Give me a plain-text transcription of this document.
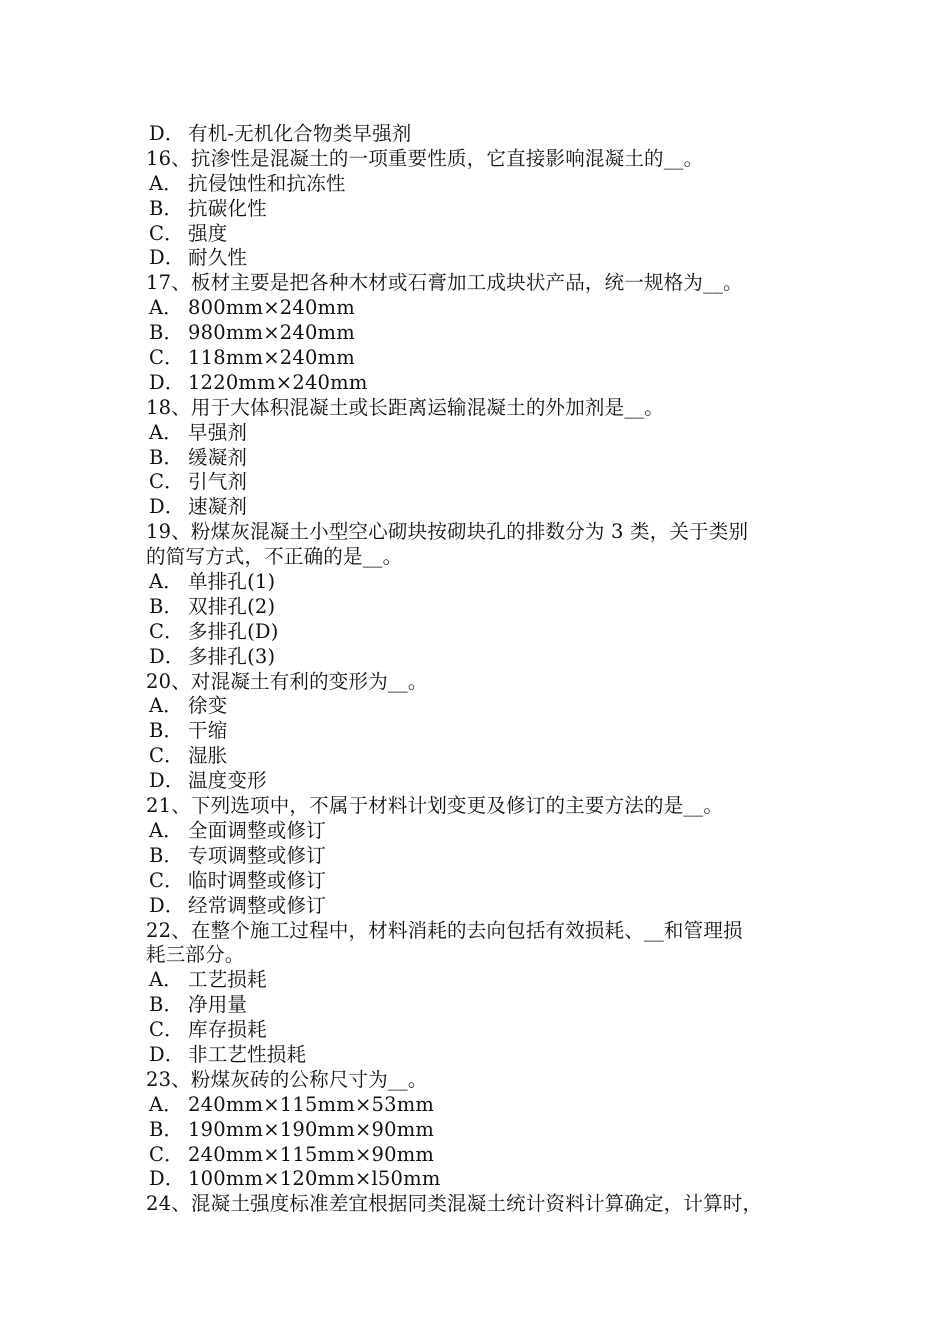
D． 有机-无机化合物类早强剂
16、抗渗性是混凝土的一项重要性质，它直接影响混凝土的__。
A． 抗侵蚀性和抗冻性
B． 抗碳化性
C． 强度
D． 耐久性
17、板材主要是把各种木材或石膏加工成块状产品，统一规格为__。
A． 800mm×240mm
B． 980mm×240mm
C． 118mm×240mm
D． 1220mm×240mm
18、用于大体积混凝土或长距离运输混凝土的外加剂是__。
A． 早强剂
B． 缓凝剂
C． 引气剂
D． 速凝剂
19、粉煤灰混凝土小型空心砌块按砌块孔的排数分为 3 类，关于类别
的简写方式，不正确的是__。
A． 单排孔(1)
B． 双排孔(2)
C． 多排孔(D)
D． 多排孔(3)
20、对混凝土有利的变形为__。
A． 徐变
B． 干缩
C． 湿胀
D． 温度变形
21、下列选项中，不属于材料计划变更及修订的主要方法的是__。
A． 全面调整或修订
B． 专项调整或修订
C． 临时调整或修订
D． 经常调整或修订
22、在整个施工过程中，材料消耗的去向包括有效损耗、__和管理损
耗三部分。
A． 工艺损耗
B． 净用量
C． 库存损耗
D． 非工艺性损耗
23、粉煤灰砖的公称尺寸为__。
A． 240mm×115mm×53mm
B． 190mm×190mm×90mm
C． 240mm×115mm×90mm
D． 100mm×120mm×l50mm
24、混凝土强度标准差宜根据同类混凝土统计资料计算确定，计算时，
